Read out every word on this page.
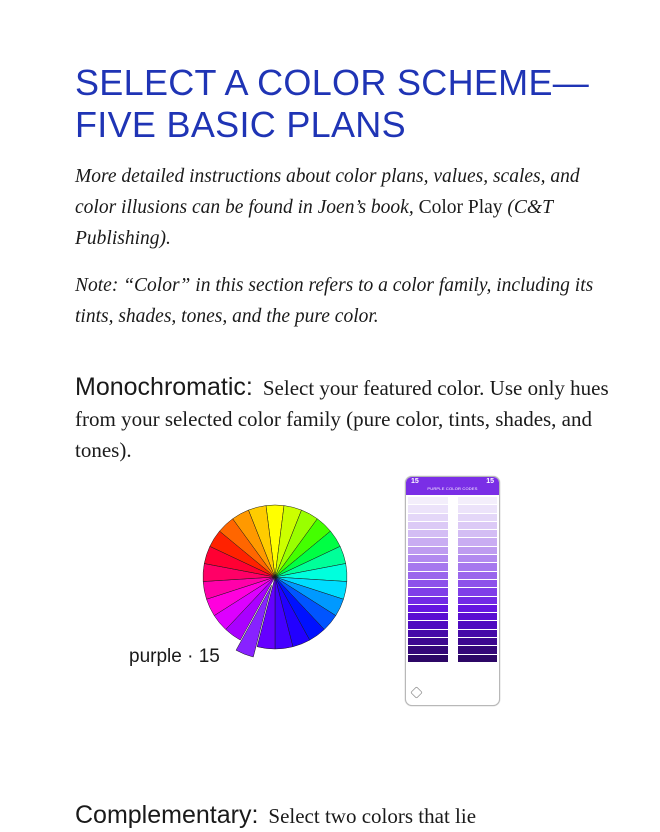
SELECT A COLOR SCHEME—FIVE BASIC PLANS

More detailed instructions about color plans, values, scales, and color illusions can be found in Joen’s book, Color Play (C&T Publishing).

Note: “Color” in this section refers to a color family, including its tints, shades, tones, and the pure color.

Monochromatic: Select your featured color. Use only hues from your selected color family (pure color, tints, shades, and tones).

purple · 15
15
PURPLE COLOR CODES
15

Complementary: Select two colors that lie
